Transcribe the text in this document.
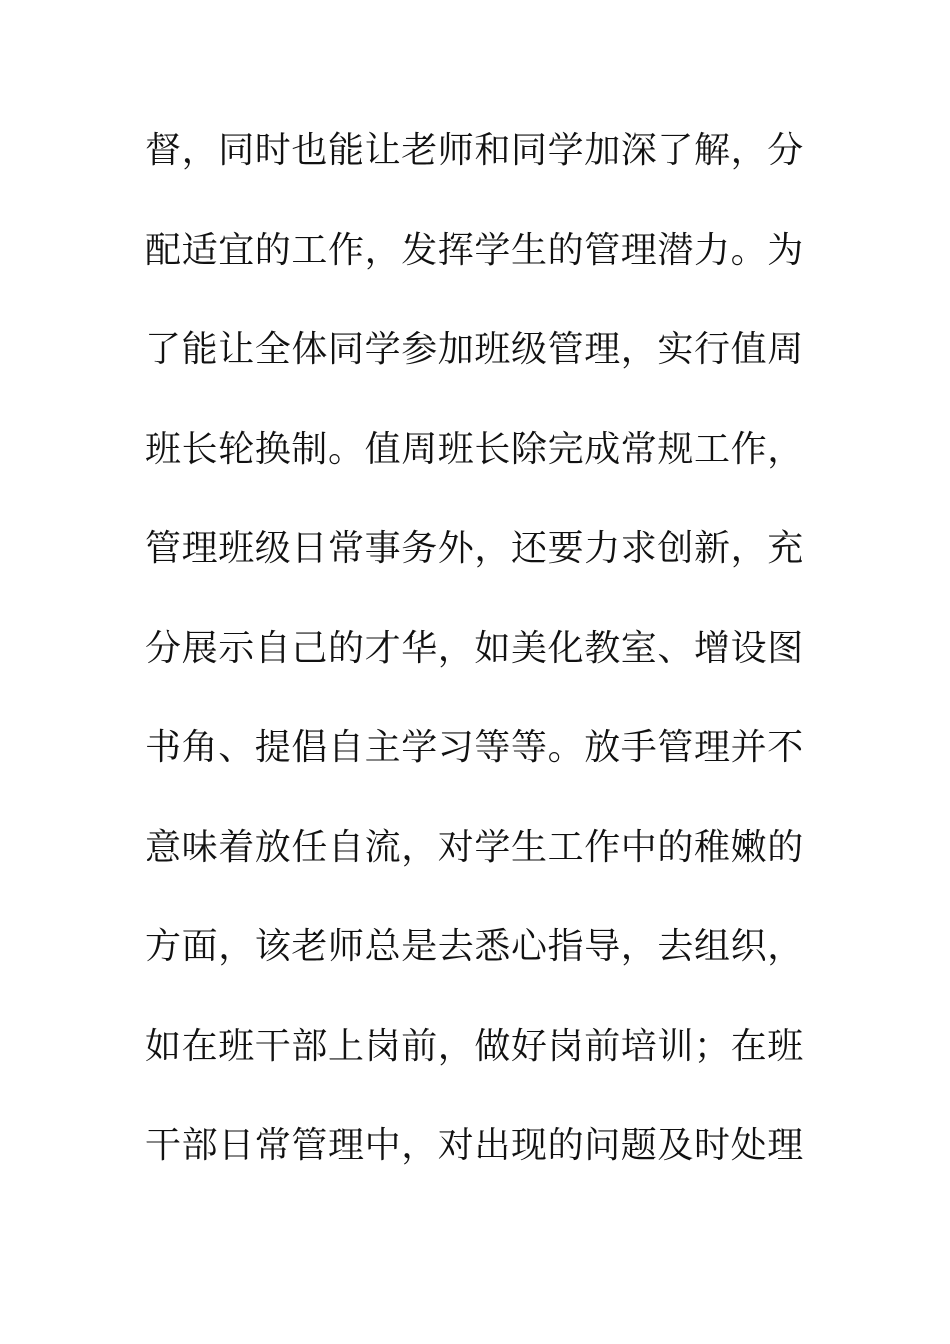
督，同时也能让老师和同学加深了解，分
配适宜的工作，发挥学生的管理潜力。为
了能让全体同学参加班级管理，实行值周
班长轮换制。值周班长除完成常规工作，
管理班级日常事务外，还要力求创新，充
分展示自己的才华，如美化教室、增设图
书角、提倡自主学习等等。放手管理并不
意味着放任自流，对学生工作中的稚嫩的
方面，该老师总是去悉心指导，去组织，
如在班干部上岗前，做好岗前培训；在班
干部日常管理中，对出现的问题及时处理
